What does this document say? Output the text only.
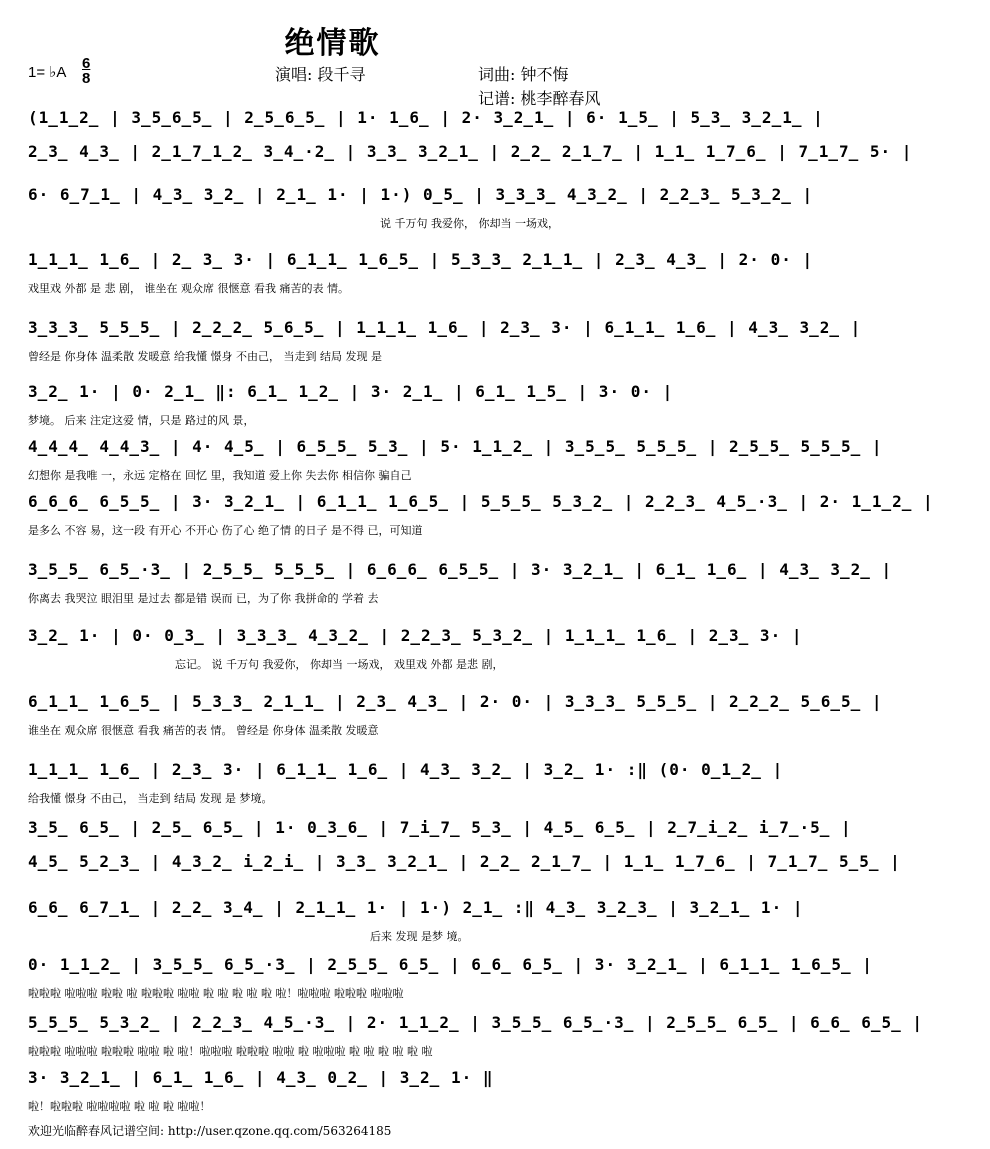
绝情歌
1= ♭A
6
8	演唱: 段千寻	词曲: 钟不悔
记谱: 桃李醉春风
(1̲1̲2̲ | 3̲5̲6̲5̲ | 2̲5̲6̲5̲ | 1· 1̲6̲ | 2· 3̲2̲1̲ | 6· 1̲5̲ | 5̲3̲ 3̲2̲1̲ |
2̲3̲ 4̲3̲ | 2̲1̲7̲1̲2̲ 3̲4̲·2̲ | 3̲3̲ 3̲2̲1̲ | 2̲2̲ 2̲1̲7̲ | 1̲1̲ 1̲7̲6̲ | 7̲1̲7̲ 5· |
6· 6̲7̲1̲ | 4̲3̲ 3̲2̲ | 2̲1̲ 1· | 1·) 0̲5̲ | 3̲3̲3̲ 4̲3̲2̲ | 2̲2̲3̲ 5̲3̲2̲ |
说 千万句 我爱你， 你却当 一场戏，
1̲1̲1̲ 1̲6̲ | 2̲ 3̲ 3· | 6̲1̲1̲ 1̲6̲5̲ | 5̲3̲3̲ 2̲1̲1̲ | 2̲3̲ 4̲3̲ | 2· 0· |
戏里戏 外都 是 悲 剧， 谁坐在 观众席 很惬意 看我 痛苦的表 情。
3̲3̲3̲ 5̲5̲5̲ | 2̲2̲2̲ 5̲6̲5̲ | 1̲1̲1̲ 1̲6̲ | 2̲3̲ 3· | 6̲1̲1̲ 1̲6̲ | 4̲3̲ 3̲2̲ |
曾经是 你身体 温柔散 发暖意 给我懂 憬身 不由己， 当走到 结局 发现 是
3̲2̲ 1· | 0· 2̲1̲ ‖: 6̲1̲ 1̲2̲ | 3· 2̲1̲ | 6̲1̲ 1̲5̲ | 3· 0· |
梦境。 后来 注定这爱 情，只是 路过的风 景，
4̲4̲4̲ 4̲4̲3̲ | 4· 4̲5̲ | 6̲5̲5̲ 5̲3̲ | 5· 1̲1̲2̲ | 3̲5̲5̲ 5̲5̲5̲ | 2̲5̲5̲ 5̲5̲5̲ |
幻想你 是我唯 一，永远 定格在 回忆 里，我知道 爱上你 失去你 相信你 骗自己
6̲6̲6̲ 6̲5̲5̲ | 3· 3̲2̲1̲ | 6̲1̲1̲ 1̲6̲5̲ | 5̲5̲5̲ 5̲3̲2̲ | 2̲2̲3̲ 4̲5̲·3̲ | 2· 1̲1̲2̲ |
是多么 不容 易，这一段 有开心 不开心 伤了心 绝了情 的日子 是不得 已，可知道
3̲5̲5̲ 6̲5̲·3̲ | 2̲5̲5̲ 5̲5̲5̲ | 6̲6̲6̲ 6̲5̲5̲ | 3· 3̲2̲1̲ | 6̲1̲ 1̲6̲ | 4̲3̲ 3̲2̲ |
你离去 我哭泣 眼泪里 是过去 都是错 误而 已，为了你 我拼命的 学着 去
3̲2̲ 1· | 0· 0̲3̲ | 3̲3̲3̲ 4̲3̲2̲ | 2̲2̲3̲ 5̲3̲2̲ | 1̲1̲1̲ 1̲6̲ | 2̲3̲ 3· |
忘记。 说 千万句 我爱你， 你却当 一场戏， 戏里戏 外都 是悲 剧，
6̲1̲1̲ 1̲6̲5̲ | 5̲3̲3̲ 2̲1̲1̲ | 2̲3̲ 4̲3̲ | 2· 0· | 3̲3̲3̲ 5̲5̲5̲ | 2̲2̲2̲ 5̲6̲5̲ |
谁坐在 观众席 很惬意 看我 痛苦的表 情。 曾经是 你身体 温柔散 发暖意
1̲1̲1̲ 1̲6̲ | 2̲3̲ 3· | 6̲1̲1̲ 1̲6̲ | 4̲3̲ 3̲2̲ | 3̲2̲ 1· :‖ (0· 0̲1̲2̲ |
给我懂 憬身 不由己， 当走到 结局 发现 是 梦境。
3̲5̲ 6̲5̲ | 2̲5̲ 6̲5̲ | 1· 0̲3̲6̲ | 7̲i̲7̲ 5̲3̲ | 4̲5̲ 6̲5̲ | 2̲7̲i̲2̲ i̲7̲·5̲ |
4̲5̲ 5̲2̲3̲ | 4̲3̲2̲ i̲2̲i̲ | 3̲3̲ 3̲2̲1̲ | 2̲2̲ 2̲1̲7̲ | 1̲1̲ 1̲7̲6̲ | 7̲1̲7̲ 5̲5̲ |
6̲6̲ 6̲7̲1̲ | 2̲2̲ 3̲4̲ | 2̲1̲1̲ 1· | 1·) 2̲1̲ :‖ 4̲3̲ 3̲2̲3̲ | 3̲2̲1̲ 1· |
后来 发现 是梦 境。
0· 1̲1̲2̲ | 3̲5̲5̲ 6̲5̲·3̲ | 2̲5̲5̲ 6̲5̲ | 6̲6̲ 6̲5̲ | 3· 3̲2̲1̲ | 6̲1̲1̲ 1̲6̲5̲ |
啦啦啦 啦啦啦 啦啦 啦 啦啦啦 啦啦 啦 啦 啦 啦 啦 啦！啦啦啦 啦啦啦 啦啦啦
5̲5̲5̲ 5̲3̲2̲ | 2̲2̲3̲ 4̲5̲·3̲ | 2· 1̲1̲2̲ | 3̲5̲5̲ 6̲5̲·3̲ | 2̲5̲5̲ 6̲5̲ | 6̲6̲ 6̲5̲ |
啦啦啦 啦啦啦 啦啦啦 啦啦 啦 啦！啦啦啦 啦啦啦 啦啦 啦 啦啦啦 啦 啦 啦 啦 啦 啦
3· 3̲2̲1̲ | 6̲1̲ 1̲6̲ | 4̲3̲ 0̲2̲ | 3̲2̲ 1· ‖
啦！啦啦啦 啦啦啦啦 啦 啦 啦 啦啦！
欢迎光临醉春风记谱空间: http://user.qzone.qq.com/563264185
